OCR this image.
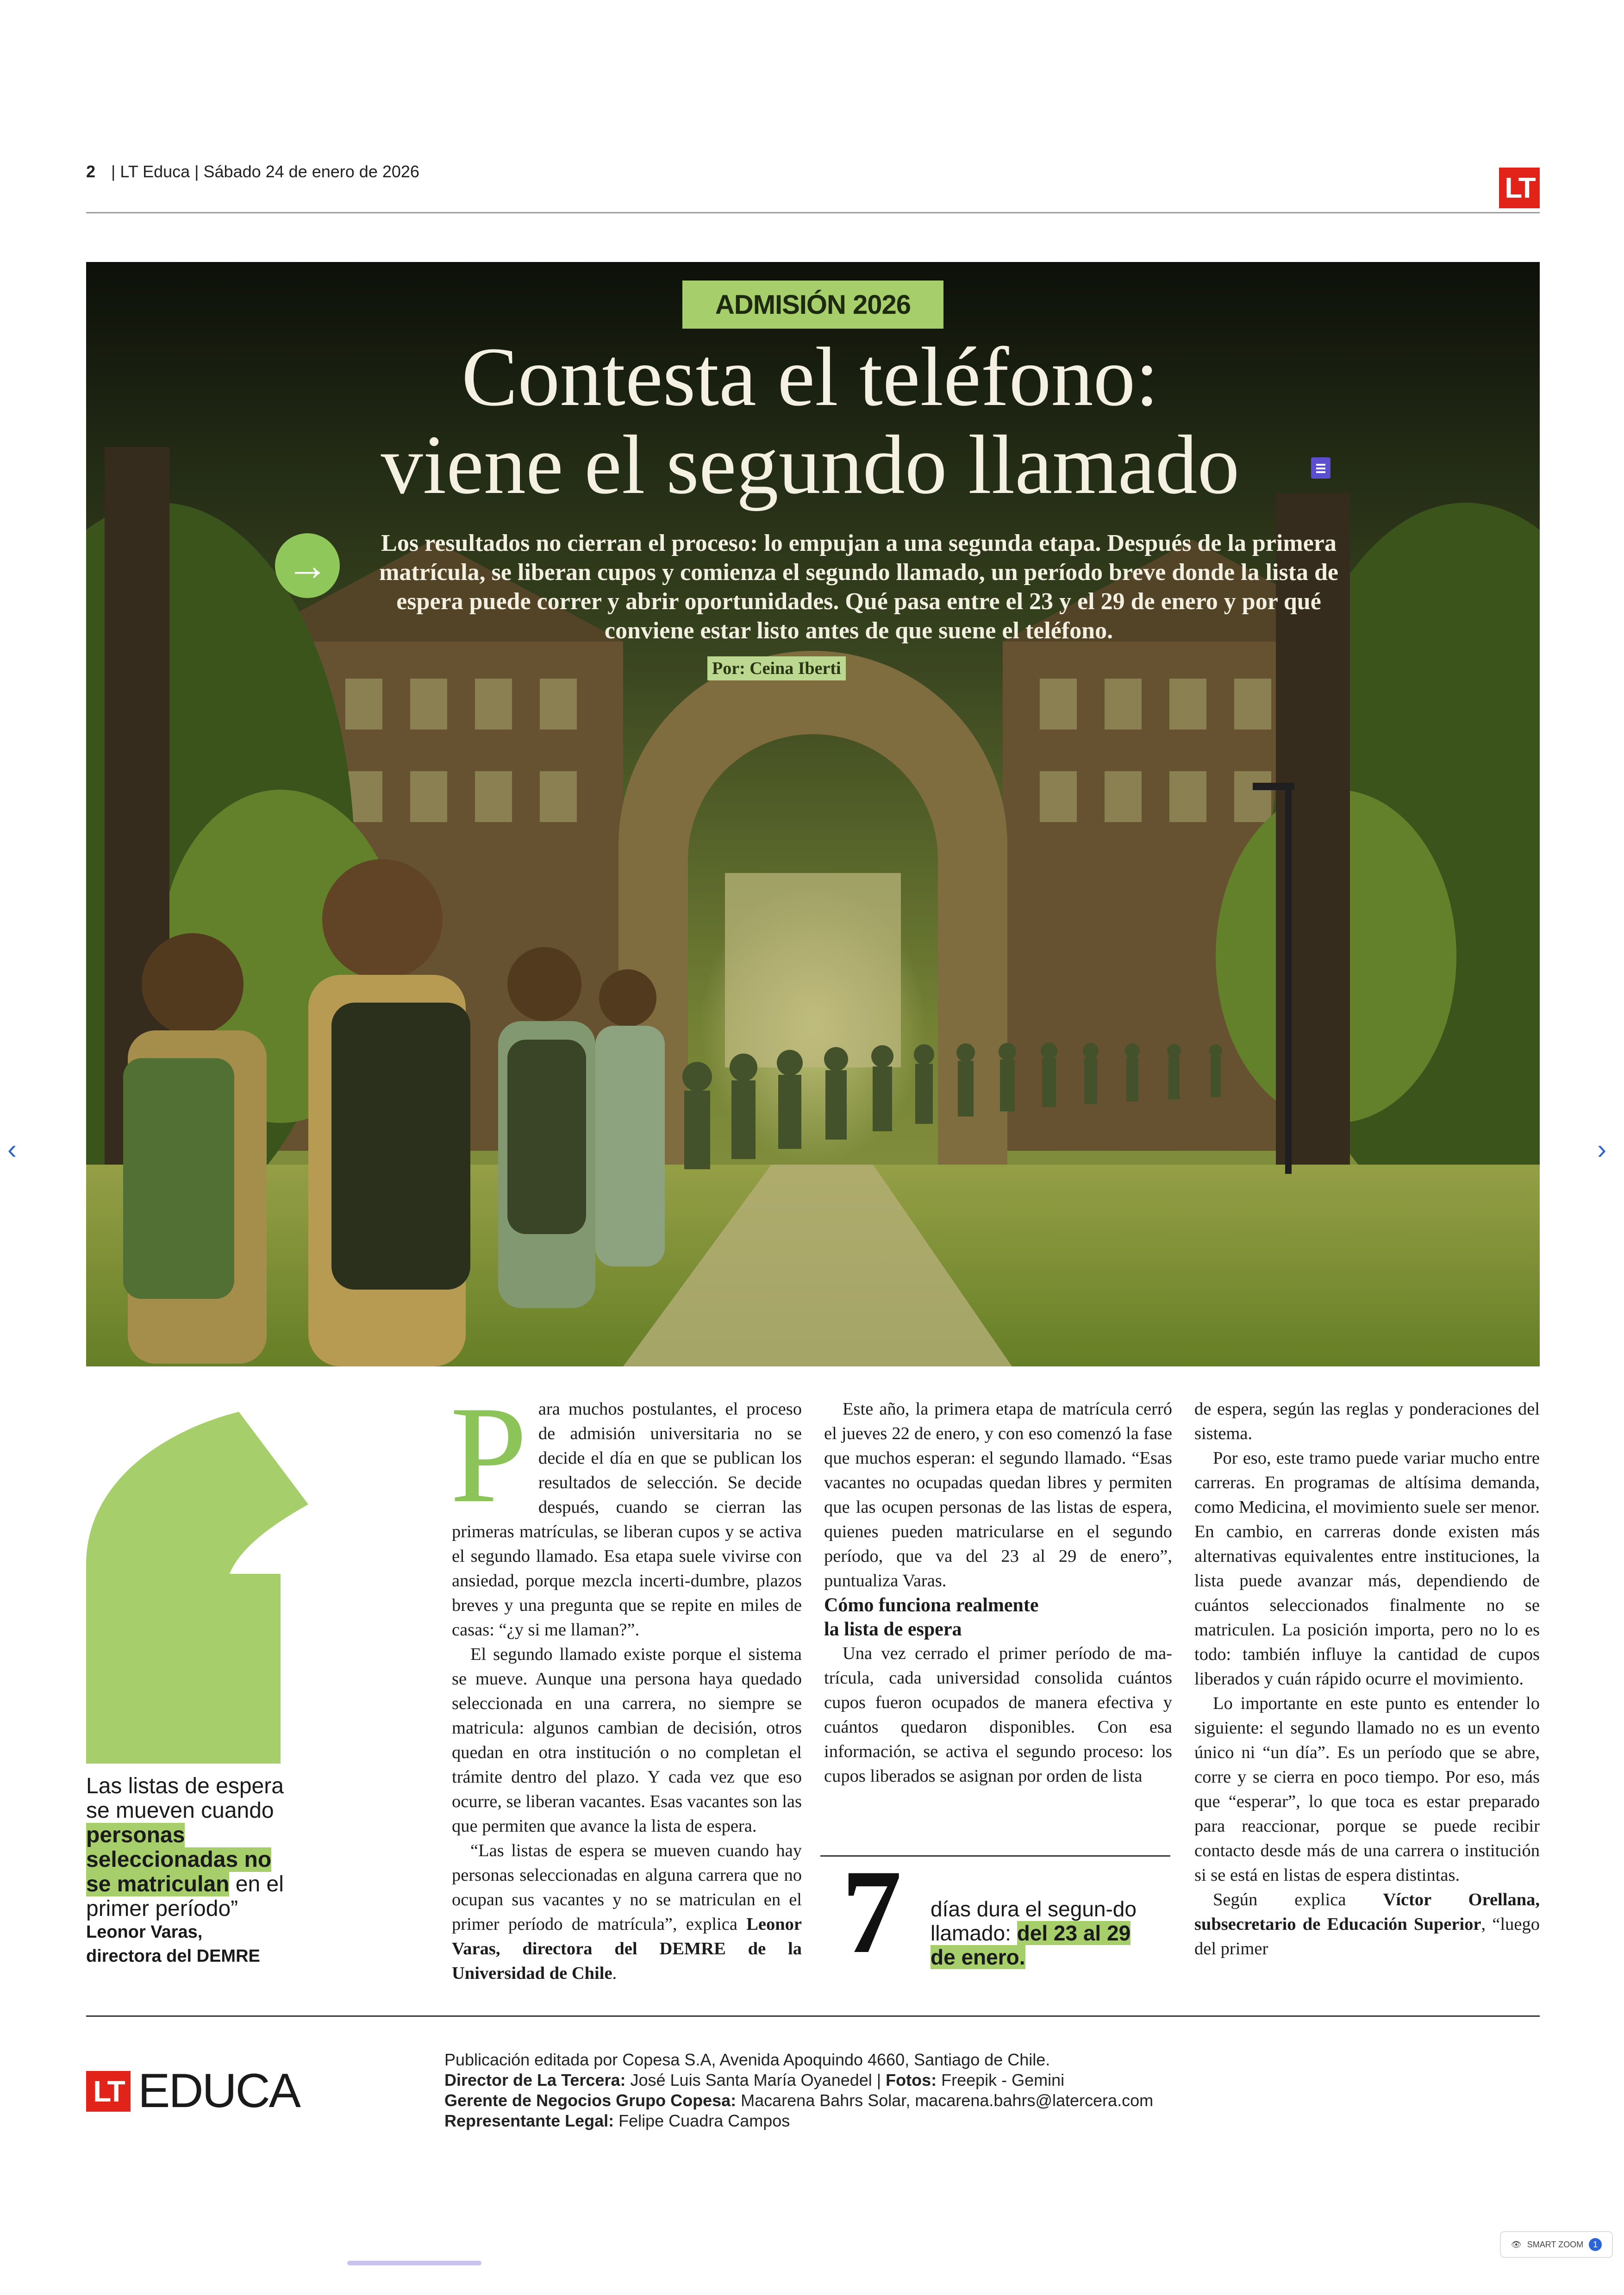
2 | LT Educa | Sábado 24 de enero de 2026
LT
ADMISIÓN 2026
Contesta el teléfono:
viene el segundo llamado
→	Los resultados no cierran el proceso: lo empujan a una segunda etapa. Después de la primera matrícula, se liberan cupos y comienza el segundo llamado, un período breve donde la lista de espera puede correr y abrir oportunidades. Qué pasa entre el 23 y el 29 de enero y por qué conviene estar listo antes de que suene el teléfono.
Por: Ceina Iberti
‹	›
Las listas de espera se mueven cuando personas seleccionadas no se matriculan en el primer período”
Leonor Varas,
directora del DEMRE

Para muchos postulantes, el proceso de admisión universitaria no se decide el día en que se publican los resultados de selección. Se decide después, cuando se cierran las primeras matrículas, se liberan cupos y se activa el segundo llamado. Esa etapa suele vivirse con ansiedad, porque mezcla incerti-dumbre, plazos breves y una pregunta que se repite en miles de casas: “¿y si me llaman?”.

El segundo llamado existe porque el sistema se mueve. Aunque una persona haya quedado seleccionada en una carrera, no siempre se matricula: algunos cambian de decisión, otros quedan en otra institución o no completan el trámite dentro del plazo. Y cada vez que eso ocurre, se liberan vacantes. Esas vacantes son las que permiten que avance la lista de espera.

“Las listas de espera se mueven cuando hay personas seleccionadas en alguna carrera que no ocupan sus vacantes y no se matriculan en el primer período de matrícula”, explica Leonor Varas, directora del DEMRE de la Universidad de Chile.

Este año, la primera etapa de matrícula cerró el jueves 22 de enero, y con eso comenzó la fase que muchos esperan: el segundo llamado. “Esas vacantes no ocupadas quedan libres y permiten que las ocupen personas de las listas de espera, quienes pueden matricularse en el segundo período, que va del 23 al 29 de enero”, puntualiza Varas.

Cómo funciona realmente
la lista de espera

Una vez cerrado el primer período de ma-trícula, cada universidad consolida cuántos cupos fueron ocupados de manera efectiva y cuántos quedaron disponibles. Con esa información, se activa el segundo proceso: los cupos liberados se asignan por orden de lista

7 días dura el segun-do llamado: del 23 al 29 de enero.

de espera, según las reglas y ponderaciones del sistema.

Por eso, este tramo puede variar mucho entre carreras. En programas de altísima demanda, como Medicina, el movimiento suele ser menor. En cambio, en carreras donde existen más alternativas equivalentes entre instituciones, la lista puede avanzar más, dependiendo de cuántos seleccionados finalmente no se matriculen. La posición importa, pero no lo es todo: también influye la cantidad de cupos liberados y cuán rápido ocurre el movimiento.

Lo importante en este punto es entender lo siguiente: el segundo llamado no es un evento único ni “un día”. Es un período que se abre, corre y se cierra en poco tiempo. Por eso, más que “esperar”, lo que toca es estar preparado para reaccionar, porque se puede recibir contacto desde más de una carrera o institución si se está en listas de espera distintas.

Según explica Víctor Orellana, subsecretario de Educación Superior, “luego del primer

LT EDUCA
Publicación editada por Copesa S.A, Avenida Apoquindo 4660, Santiago de Chile.
Director de La Tercera: José Luis Santa María Oyanedel | Fotos: Freepik - Gemini
Gerente de Negocios Grupo Copesa: Macarena Bahrs Solar, macarena.bahrs@latercera.com
Representante Legal: Felipe Cuadra Campos
👁 SMART ZOOM	1
